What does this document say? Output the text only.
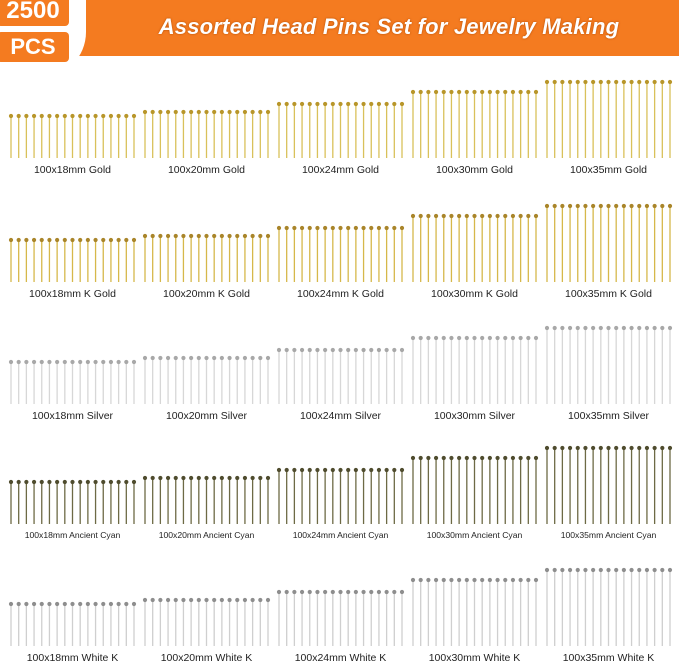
2500
PCS
Assorted Head Pins Set for Jewelry Making
100x18mm Gold	100x20mm Gold	100x24mm Gold	100x30mm Gold	100x35mm Gold
100x18mm K Gold	100x20mm K Gold	100x24mm K Gold	100x30mm K Gold	100x35mm K Gold
100x18mm Silver	100x20mm Silver	100x24mm Silver	100x30mm Silver	100x35mm Silver
100x18mm Ancient Cyan	100x20mm Ancient Cyan	100x24mm Ancient Cyan	100x30mm Ancient Cyan	100x35mm Ancient Cyan
100x18mm White K	100x20mm White K	100x24mm White K	100x30mm White K	100x35mm White K
